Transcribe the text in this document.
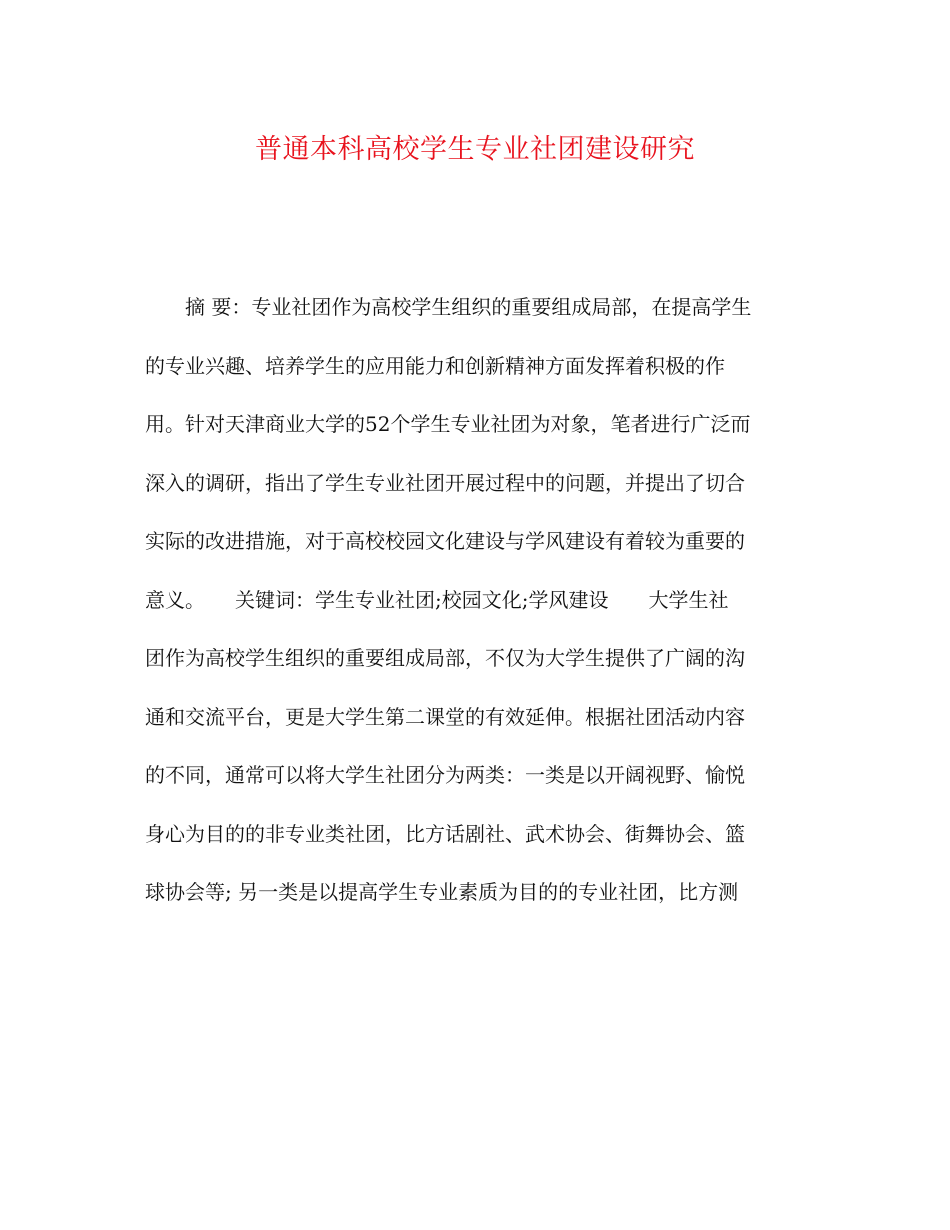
普通本科高校学生专业社团建设研究
　　摘 要：专业社团作为高校学生组织的重要组成局部，在提高学生
的专业兴趣、培养学生的应用能力和创新精神方面发挥着积极的作
用。针对天津商业大学的52个学生专业社团为对象，笔者进行广泛而
深入的调研，指出了学生专业社团开展过程中的问题，并提出了切合
实际的改进措施，对于高校校园文化建设与学风建设有着较为重要的
意义。　　关键词：学生专业社团;校园文化;学风建设　　大学生社
团作为高校学生组织的重要组成局部，不仅为大学生提供了广阔的沟
通和交流平台，更是大学生第二课堂的有效延伸。根据社团活动内容
的不同，通常可以将大学生社团分为两类：一类是以开阔视野、愉悦
身心为目的的非专业类社团，比方话剧社、武术协会、街舞协会、篮
球协会等; 另一类是以提高学生专业素质为目的的专业社团，比方测
